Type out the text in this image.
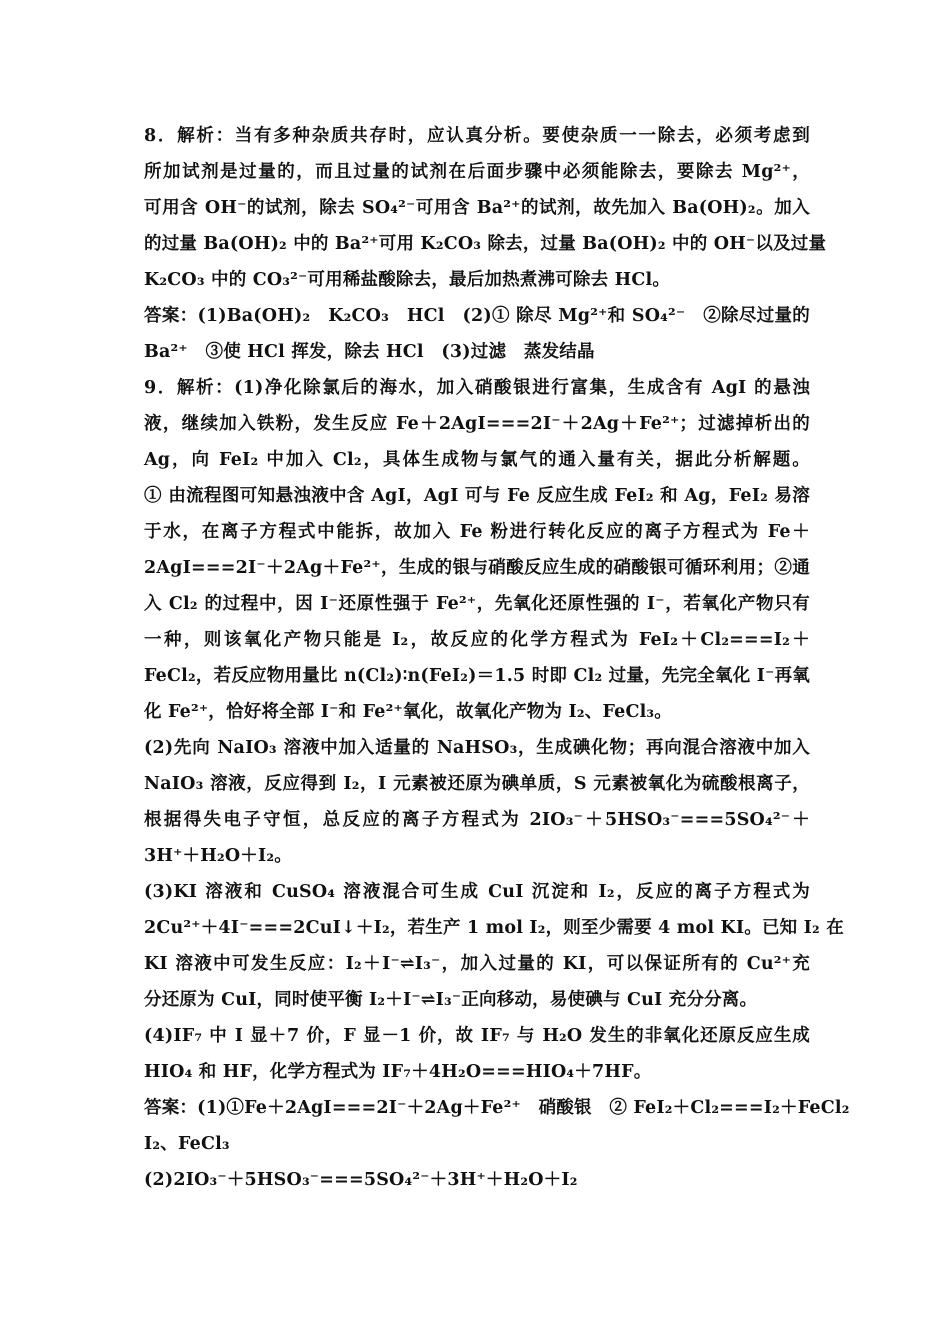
8．解析：当有多种杂质共存时，应认真分析。要使杂质一一除去，必须考虑到
所加试剂是过量的，而且过量的试剂在后面步骤中必须能除去，要除去 Mg²⁺，
可用含 OH⁻的试剂，除去 SO₄²⁻可用含 Ba²⁺的试剂，故先加入 Ba(OH)₂。加入
的过量 Ba(OH)₂ 中的 Ba²⁺可用 K₂CO₃ 除去，过量 Ba(OH)₂ 中的 OH⁻以及过量
K₂CO₃ 中的 CO₃²⁻可用稀盐酸除去，最后加热煮沸可除去 HCl。
答案：(1)Ba(OH)₂　K₂CO₃　HCl　(2)① 除尽 Mg²⁺和 SO₄²⁻　②除尽过量的
Ba²⁺　③使 HCl 挥发，除去 HCl　(3)过滤　蒸发结晶
9．解析：(1)净化除氯后的海水，加入硝酸银进行富集，生成含有 AgI 的悬浊
液，继续加入铁粉，发生反应 Fe＋2AgI===2I⁻＋2Ag＋Fe²⁺；过滤掉析出的
Ag，向 FeI₂ 中加入 Cl₂，具体生成物与氯气的通入量有关，据此分析解题。
① 由流程图可知悬浊液中含 AgI，AgI 可与 Fe 反应生成 FeI₂ 和 Ag，FeI₂ 易溶
于水，在离子方程式中能拆，故加入 Fe 粉进行转化反应的离子方程式为 Fe＋
2AgI===2I⁻＋2Ag＋Fe²⁺，生成的银与硝酸反应生成的硝酸银可循环利用；②通
入 Cl₂ 的过程中，因 I⁻还原性强于 Fe²⁺，先氧化还原性强的 I⁻，若氧化产物只有
一种，则该氧化产物只能是 I₂，故反应的化学方程式为 FeI₂＋Cl₂===I₂＋
FeCl₂，若反应物用量比 n(Cl₂)∶n(FeI₂)＝1.5 时即 Cl₂ 过量，先完全氧化 I⁻再氧
化 Fe²⁺，恰好将全部 I⁻和 Fe²⁺氧化，故氧化产物为 I₂、FeCl₃。
(2)先向 NaIO₃ 溶液中加入适量的 NaHSO₃，生成碘化物；再向混合溶液中加入
NaIO₃ 溶液，反应得到 I₂，I 元素被还原为碘单质，S 元素被氧化为硫酸根离子，
根据得失电子守恒，总反应的离子方程式为 2IO₃⁻＋5HSO₃⁻===5SO₄²⁻＋
3H⁺＋H₂O＋I₂。
(3)KI 溶液和 CuSO₄ 溶液混合可生成 CuI 沉淀和 I₂，反应的离子方程式为
2Cu²⁺＋4I⁻===2CuI↓＋I₂，若生产 1 mol I₂，则至少需要 4 mol KI。已知 I₂ 在
KI 溶液中可发生反应：I₂＋I⁻⇌I₃⁻，加入过量的 KI，可以保证所有的 Cu²⁺充
分还原为 CuI，同时使平衡 I₂＋I⁻⇌I₃⁻正向移动，易使碘与 CuI 充分分离。
(4)IF₇ 中 I 显＋7 价，F 显－1 价，故 IF₇ 与 H₂O 发生的非氧化还原反应生成
HIO₄ 和 HF，化学方程式为 IF₇＋4H₂O===HIO₄＋7HF。
答案：(1)①Fe＋2AgI===2I⁻＋2Ag＋Fe²⁺　硝酸银　② FeI₂＋Cl₂===I₂＋FeCl₂
I₂、FeCl₃
(2)2IO₃⁻＋5HSO₃⁻===5SO₄²⁻＋3H⁺＋H₂O＋I₂
